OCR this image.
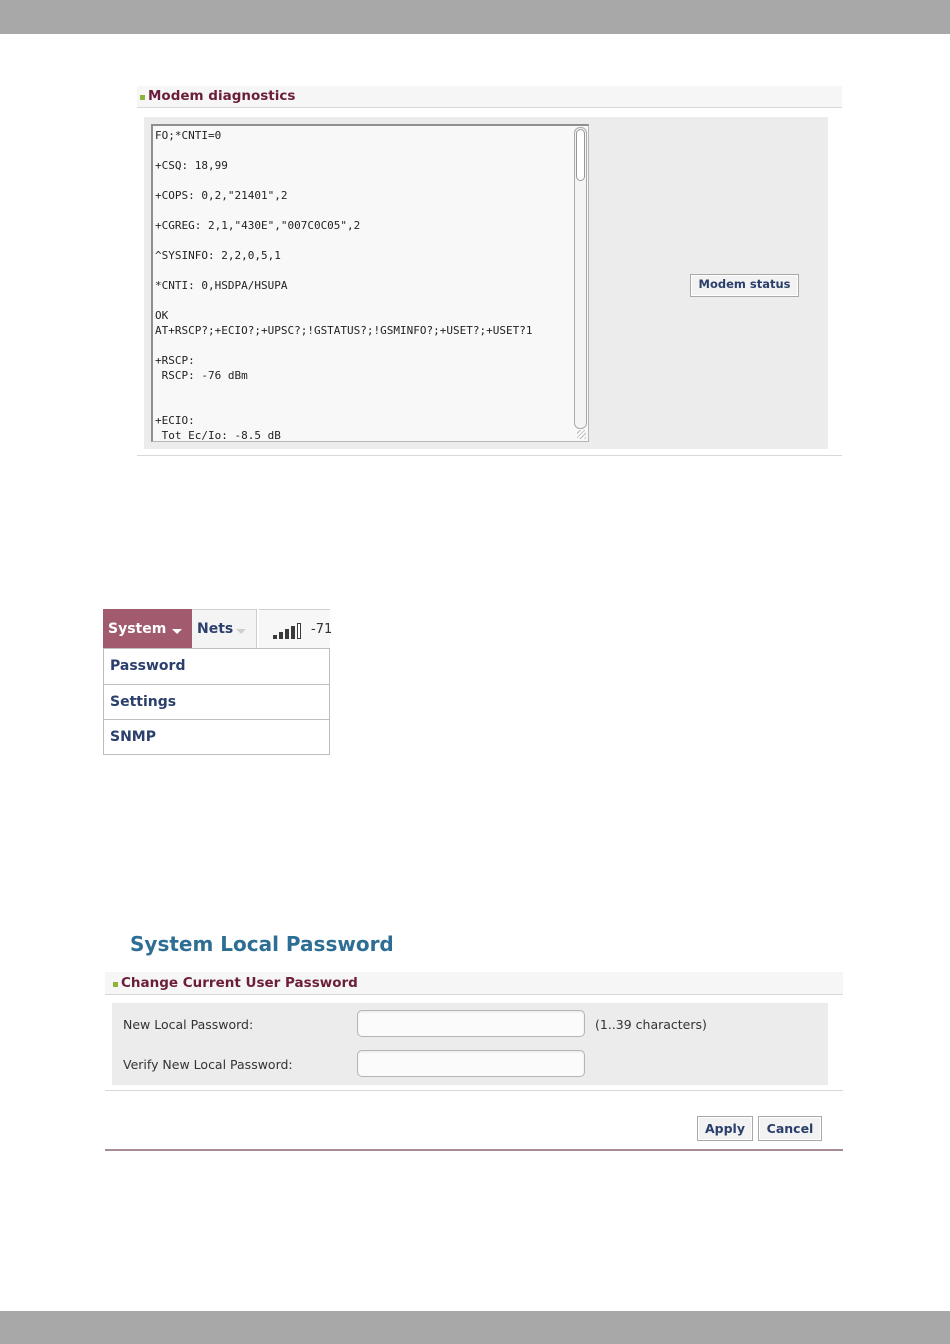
Modem diagnostics
FO;*CNTI=0

+CSQ: 18,99

+COPS: 0,2,"21401",2

+CGREG: 2,1,"430E","007C0C05",2

^SYSINFO: 2,2,0,5,1

*CNTI: 0,HSDPA/HSUPA

OK
AT+RSCP?;+ECIO?;+UPSC?;!GSTATUS?;!GSMINFO?;+USET?;+USET?1

+RSCP:
RSCP: -76 dBm

+ECIO:
Tot Ec/Io: -8.5 dB
Modem status
System Nets	-71
Password
Settings
SNMP
System Local Password
Change Current User Password
New Local Password:	(1..39 characters)
Verify New Local Password:
Apply	Cancel
